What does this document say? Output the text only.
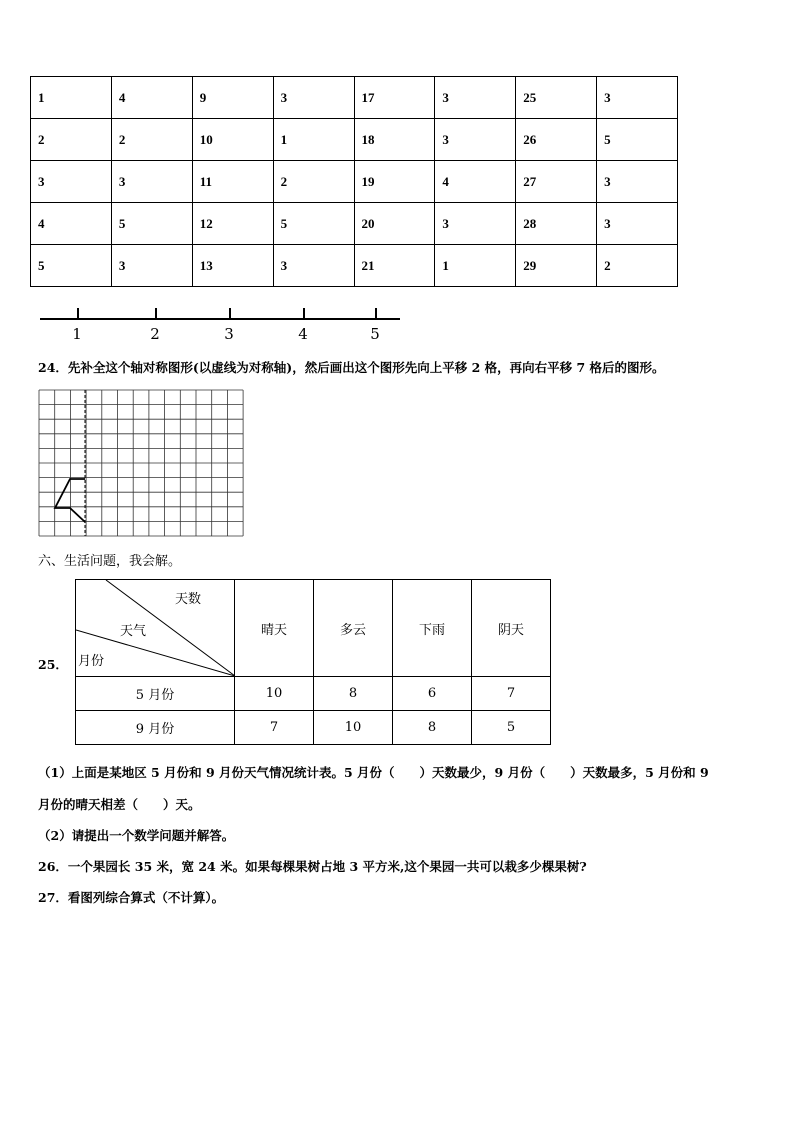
1	4	9	3	17	3	25	3
2	2	10	1	18	3	26	5
3	3	11	2	19	4	27	3
4	5	12	5	20	3	28	3
5	3	13	3	21	1	29	2
1	2	3	4	5
24．先补全这个轴对称图形(以虚线为对称轴)，然后画出这个图形先向上平移 2 格，再向右平移 7 格后的图形。
六、生活问题，我会解。
25．
天数
天气
月份	晴天	多云	下雨	阴天
5 月份	10	8	6	7
9 月份	7	10	8	5
（1）上面是某地区 5 月份和 9 月份天气情况统计表。5 月份（　　）天数最少，9 月份（　　）天数最多，5 月份和 9
月份的晴天相差（　　）天。
（2）请提出一个数学问题并解答。
26．一个果园长 35 米，宽 24 米。如果每棵果树占地 3 平方米,这个果园一共可以栽多少棵果树?
27．看图列综合算式（不计算）。
